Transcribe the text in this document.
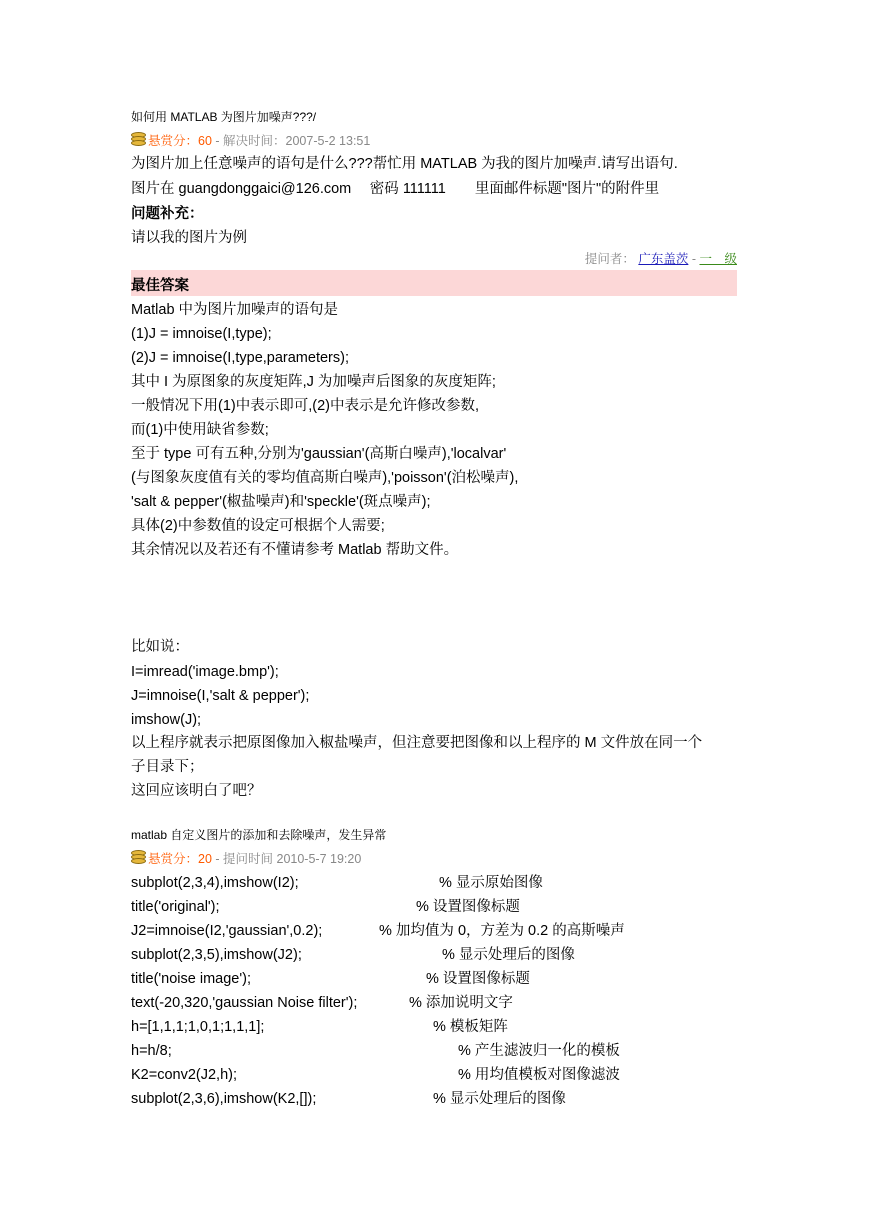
如何用 MATLAB 为图片加噪声???/
悬赏分：60 - 解决时间：2007-5-2 13:51
为图片加上任意噪声的语句是什么???帮忙用 MATLAB 为我的图片加噪声.请写出语句.
图片在 guangdonggaici@126.com　 密码 111111　　里面邮件标题"图片"的附件里
问题补充：
请以我的图片为例
提问者： 广东盖茨 - 一　级
最佳答案
Matlab 中为图片加噪声的语句是
(1)J = imnoise(I,type);
(2)J = imnoise(I,type,parameters);
其中 I 为原图象的灰度矩阵,J 为加噪声后图象的灰度矩阵;
一般情况下用(1)中表示即可,(2)中表示是允许修改参数,
而(1)中使用缺省参数;
至于 type 可有五种,分别为'gaussian'(高斯白噪声),'localvar'
(与图象灰度值有关的零均值高斯白噪声),'poisson'(泊松噪声),
'salt & pepper'(椒盐噪声)和'speckle'(斑点噪声);
具体(2)中参数值的设定可根据个人需要;
其余情况以及若还有不懂请参考 Matlab 帮助文件。
比如说：
I=imread('image.bmp');
J=imnoise(I,'salt & pepper');
imshow(J);
以上程序就表示把原图像加入椒盐噪声，但注意要把图像和以上程序的 M 文件放在同一个
子目录下；
这回应该明白了吧？
matlab 自定义图片的添加和去除噪声，发生异常
悬赏分：20 - 提问时间 2010-5-7 19:20
subplot(2,3,4),imshow(I2);	% 显示原始图像
title('original');	% 设置图像标题
J2=imnoise(I2,'gaussian',0.2);	% 加均值为 0，方差为 0.2 的高斯噪声
subplot(2,3,5),imshow(J2);	% 显示处理后的图像
title('noise image');	% 设置图像标题
text(-20,320,'gaussian Noise filter');	% 添加说明文字
h=[1,1,1;1,0,1;1,1,1];	% 模板矩阵
h=h/8;	% 产生滤波归一化的模板
K2=conv2(J2,h);	% 用均值模板对图像滤波
subplot(2,3,6),imshow(K2,[]);	% 显示处理后的图像
